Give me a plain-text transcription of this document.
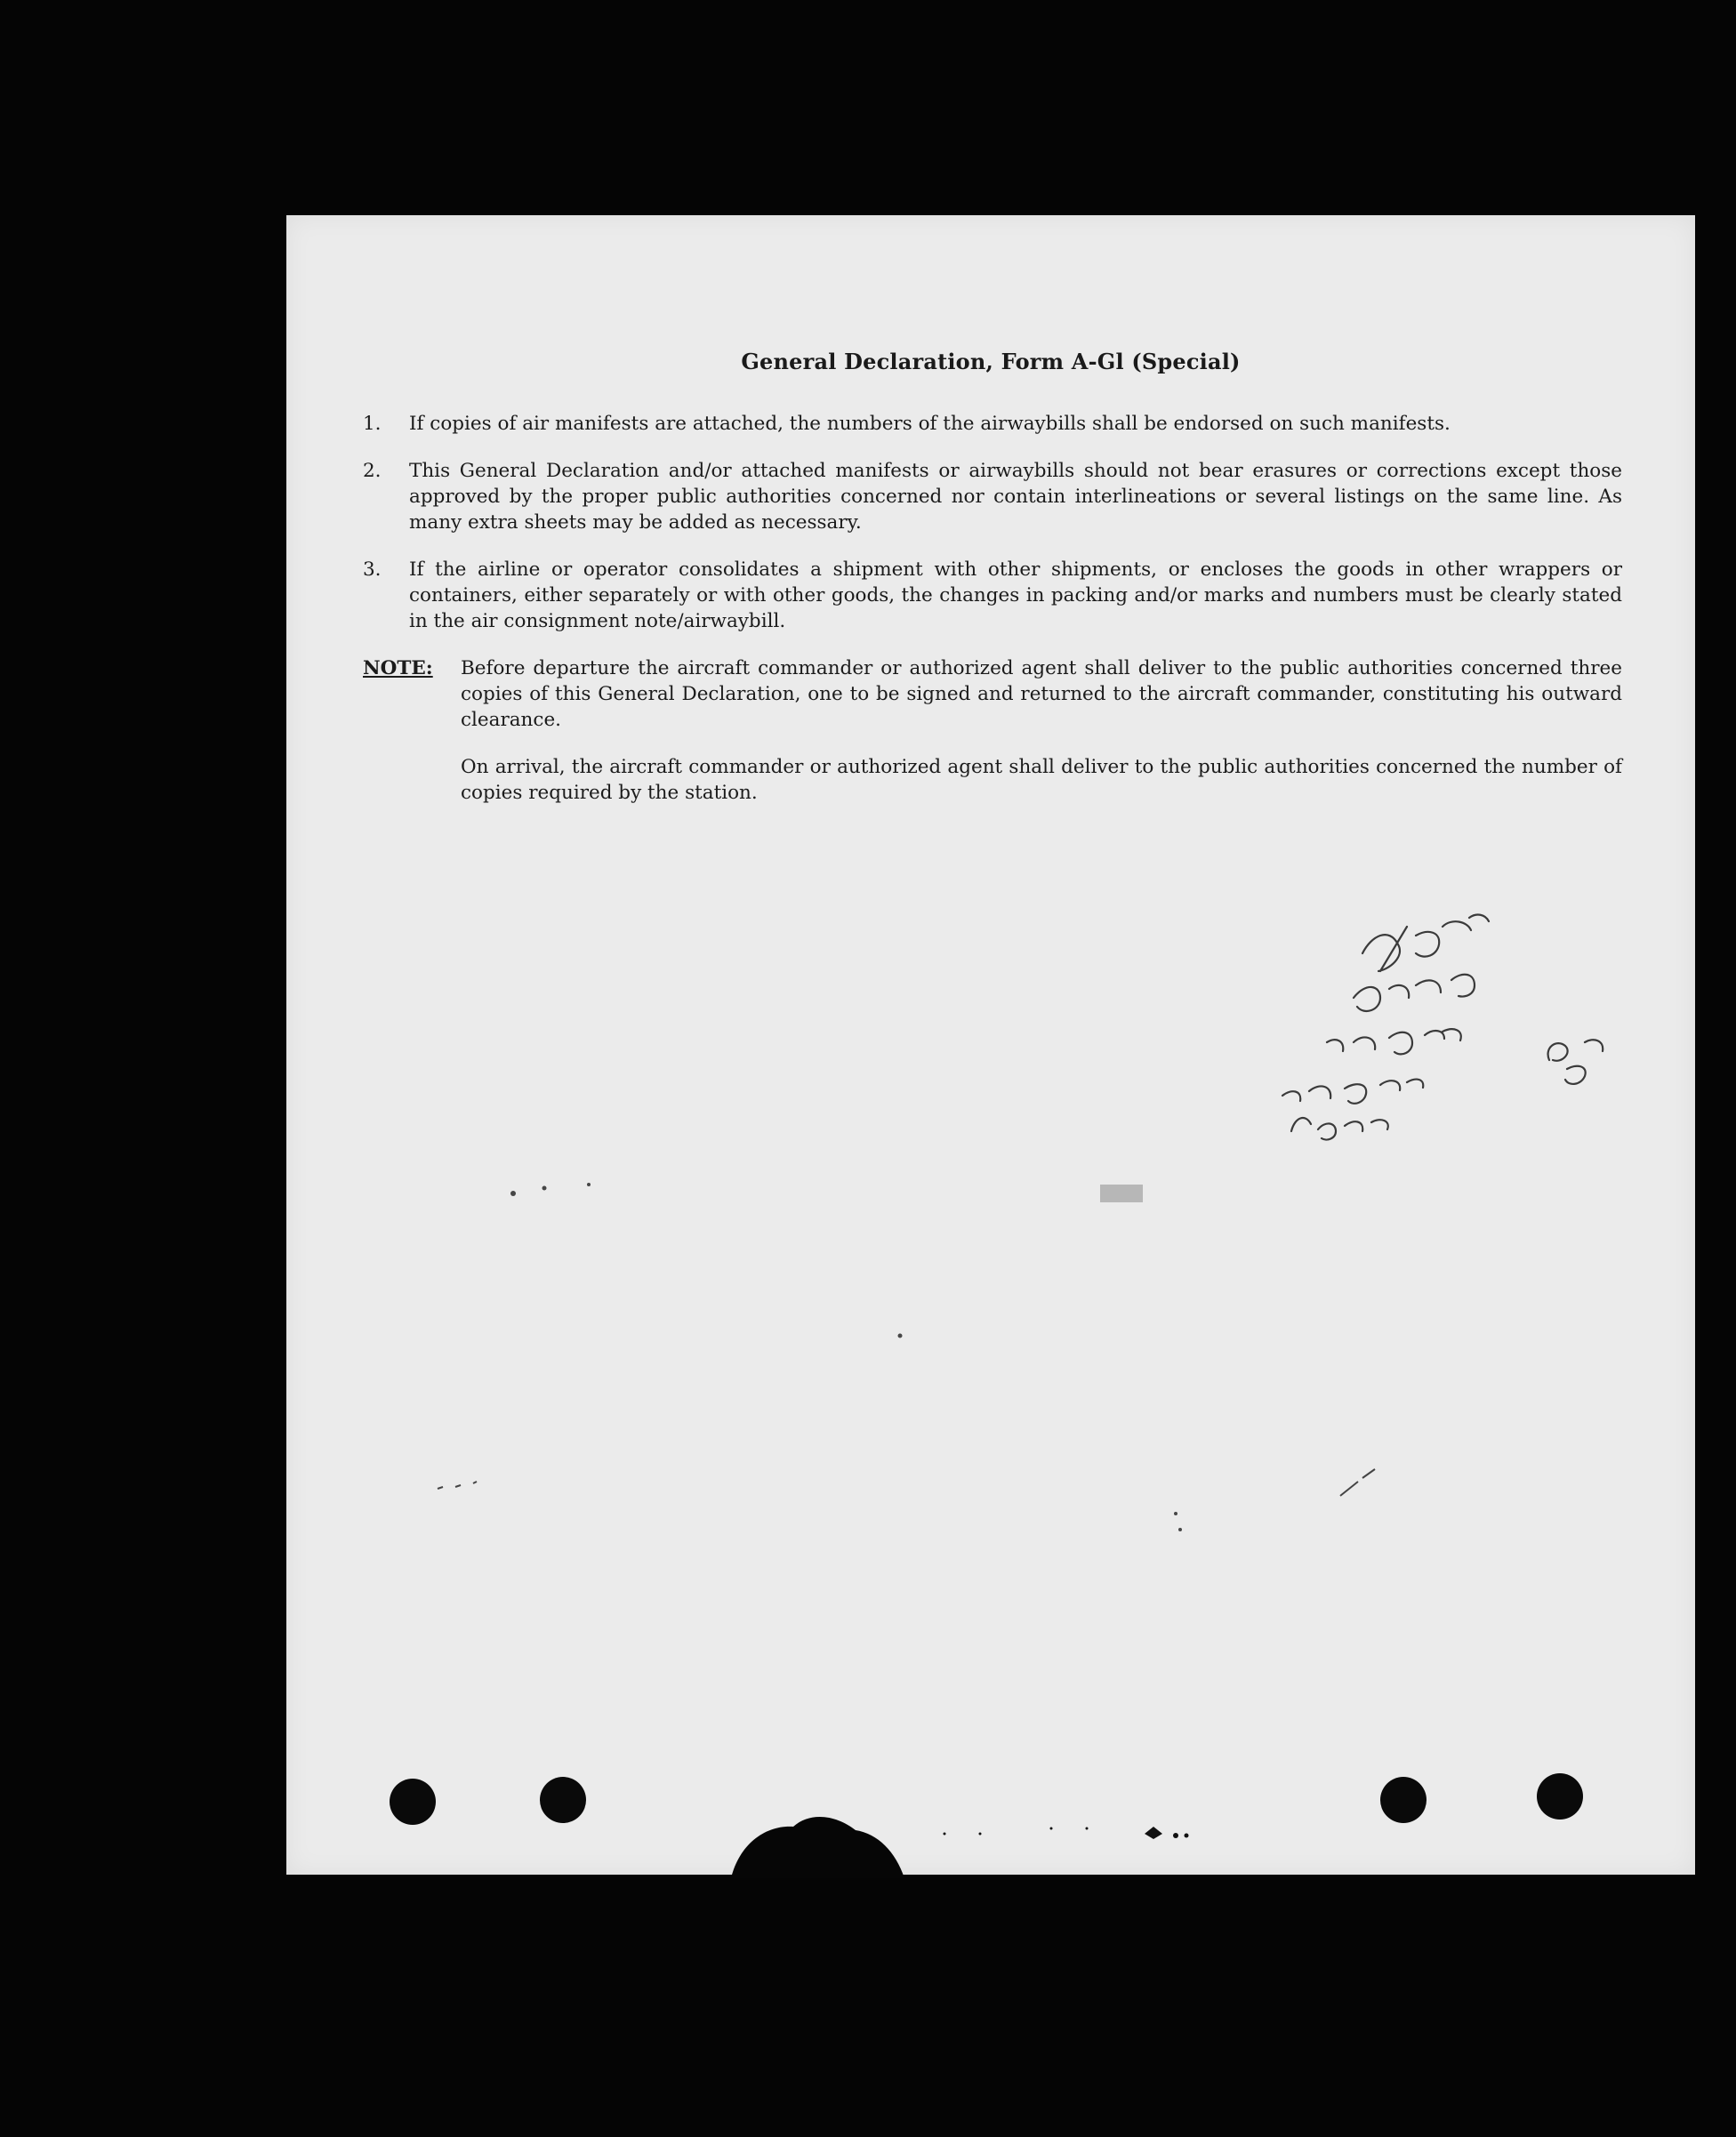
General Declaration, Form A-Gl (Special)
1. If copies of air manifests are attached, the numbers of the airwaybills shall be endorsed on such manifests.
2. This General Declaration and/or attached manifests or airwaybills should not bear erasures or corrections except those approved by the proper public authorities concerned nor contain interlineations or several listings on the same line. As many extra sheets may be added as necessary.
3. If the airline or operator consolidates a shipment with other shipments, or encloses the goods in other wrappers or containers, either separately or with other goods, the changes in packing and/or marks and numbers must be clearly stated in the air consignment note/airwaybill.
NOTE: Before departure the aircraft commander or authorized agent shall deliver to the public authorities concerned three copies of this General Declaration, one to be signed and returned to the aircraft commander, constituting his outward clearance.

On arrival, the aircraft commander or authorized agent shall deliver to the public authorities concerned the number of copies required by the station.
